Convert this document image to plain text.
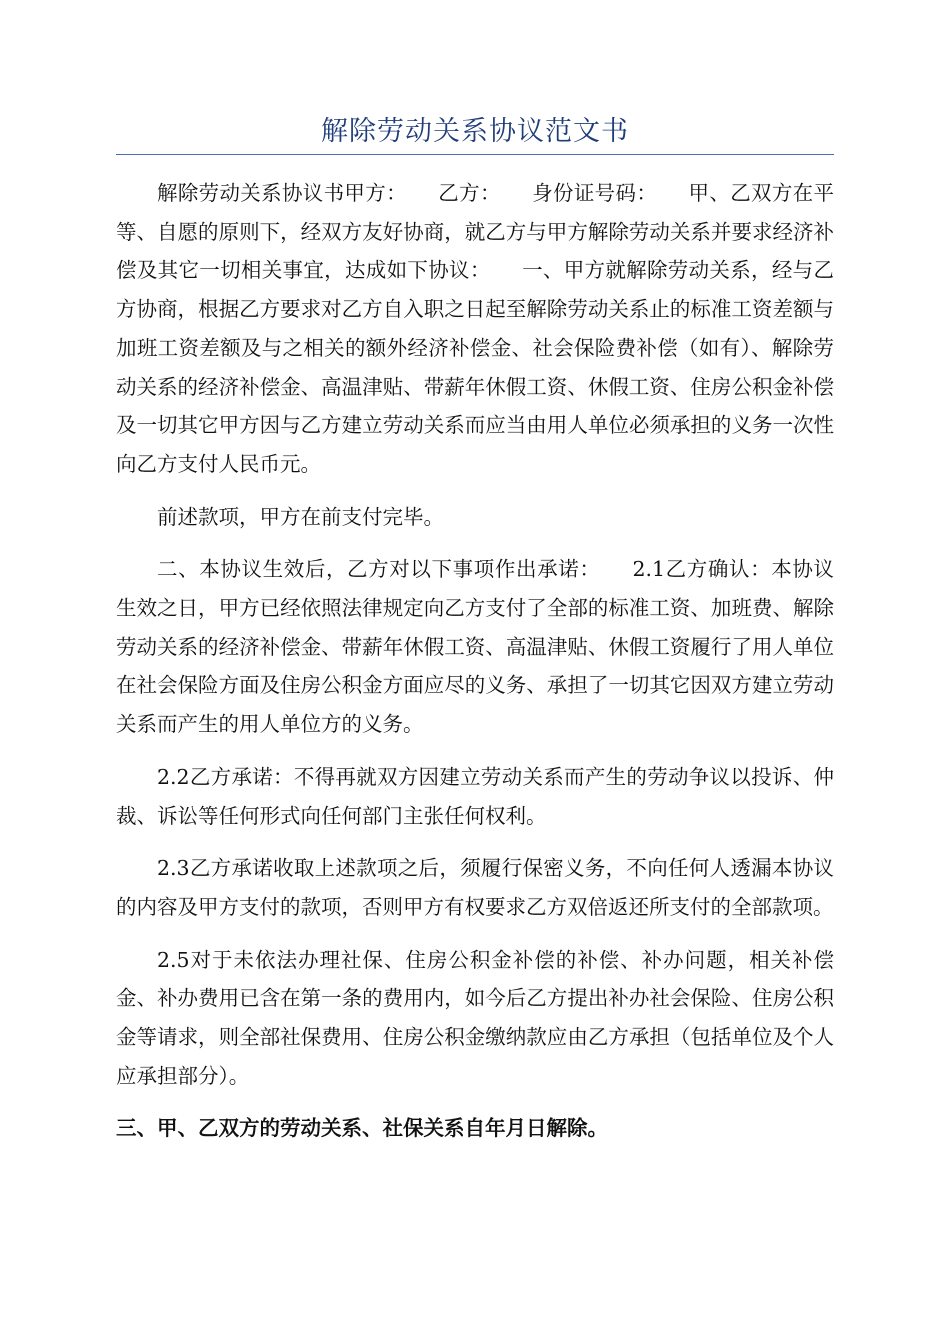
解除劳动关系协议范文书

解除劳动关系协议书甲方：　　乙方：　　身份证号码：　　甲、乙双方在平等、自愿的原则下，经双方友好协商，就乙方与甲方解除劳动关系并要求经济补偿及其它一切相关事宜，达成如下协议：　　一、甲方就解除劳动关系，经与乙方协商，根据乙方要求对乙方自入职之日起至解除劳动关系止的标准工资差额与加班工资差额及与之相关的额外经济补偿金、社会保险费补偿（如有）、解除劳动关系的经济补偿金、高温津贴、带薪年休假工资、休假工资、住房公积金补偿及一切其它甲方因与乙方建立劳动关系而应当由用人单位必须承担的义务一次性向乙方支付人民币元。

前述款项，甲方在前支付完毕。

二、本协议生效后，乙方对以下事项作出承诺：　　2.1乙方确认：本协议生效之日，甲方已经依照法律规定向乙方支付了全部的标准工资、加班费、解除劳动关系的经济补偿金、带薪年休假工资、高温津贴、休假工资履行了用人单位在社会保险方面及住房公积金方面应尽的义务、承担了一切其它因双方建立劳动关系而产生的用人单位方的义务。

2.2乙方承诺：不得再就双方因建立劳动关系而产生的劳动争议以投诉、仲裁、诉讼等任何形式向任何部门主张任何权利。

2.3乙方承诺收取上述款项之后，须履行保密义务，不向任何人透漏本协议的内容及甲方支付的款项，否则甲方有权要求乙方双倍返还所支付的全部款项。

2.5对于未依法办理社保、住房公积金补偿的补偿、补办问题，相关补偿金、补办费用已含在第一条的费用内，如今后乙方提出补办社会保险、住房公积金等请求，则全部社保费用、住房公积金缴纳款应由乙方承担（包括单位及个人应承担部分）。

三、甲、乙双方的劳动关系、社保关系自年月日解除。
